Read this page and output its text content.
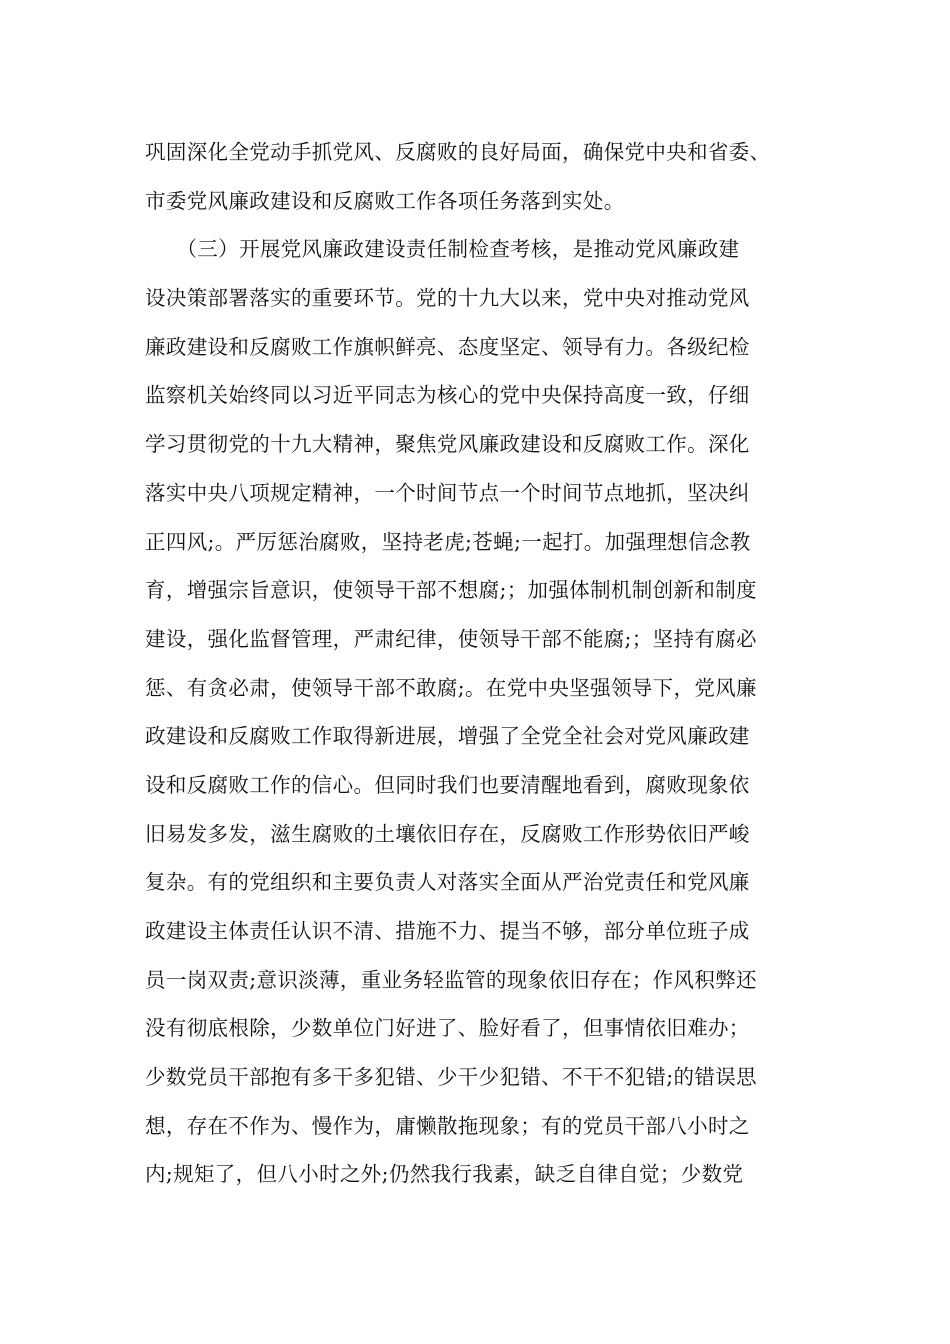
巩固深化全党动手抓党风、反腐败的良好局面，确保党中央和省委、
市委党风廉政建设和反腐败工作各项任务落到实处。
　　（三）开展党风廉政建设责任制检查考核，是推动党风廉政建
设决策部署落实的重要环节。党的十九大以来，党中央对推动党风
廉政建设和反腐败工作旗帜鲜亮、态度坚定、领导有力。各级纪检
监察机关始终同以习近平同志为核心的党中央保持高度一致，仔细
学习贯彻党的十九大精神，聚焦党风廉政建设和反腐败工作。深化
落实中央八项规定精神，一个时间节点一个时间节点地抓，坚决纠
正四风;。严厉惩治腐败，坚持老虎;苍蝇;一起打。加强理想信念教
育，增强宗旨意识，使领导干部不想腐;；加强体制机制创新和制度
建设，强化监督管理，严肃纪律，使领导干部不能腐;；坚持有腐必
惩、有贪必肃，使领导干部不敢腐;。在党中央坚强领导下，党风廉
政建设和反腐败工作取得新进展，增强了全党全社会对党风廉政建
设和反腐败工作的信心。但同时我们也要清醒地看到，腐败现象依
旧易发多发，滋生腐败的土壤依旧存在，反腐败工作形势依旧严峻
复杂。有的党组织和主要负责人对落实全面从严治党责任和党风廉
政建设主体责任认识不清、措施不力、提当不够，部分单位班子成
员一岗双责;意识淡薄，重业务轻监管的现象依旧存在；作风积弊还
没有彻底根除，少数单位门好进了、脸好看了，但事情依旧难办；
少数党员干部抱有多干多犯错、少干少犯错、不干不犯错;的错误思
想，存在不作为、慢作为，庸懒散拖现象；有的党员干部八小时之
内;规矩了，但八小时之外;仍然我行我素，缺乏自律自觉；少数党
